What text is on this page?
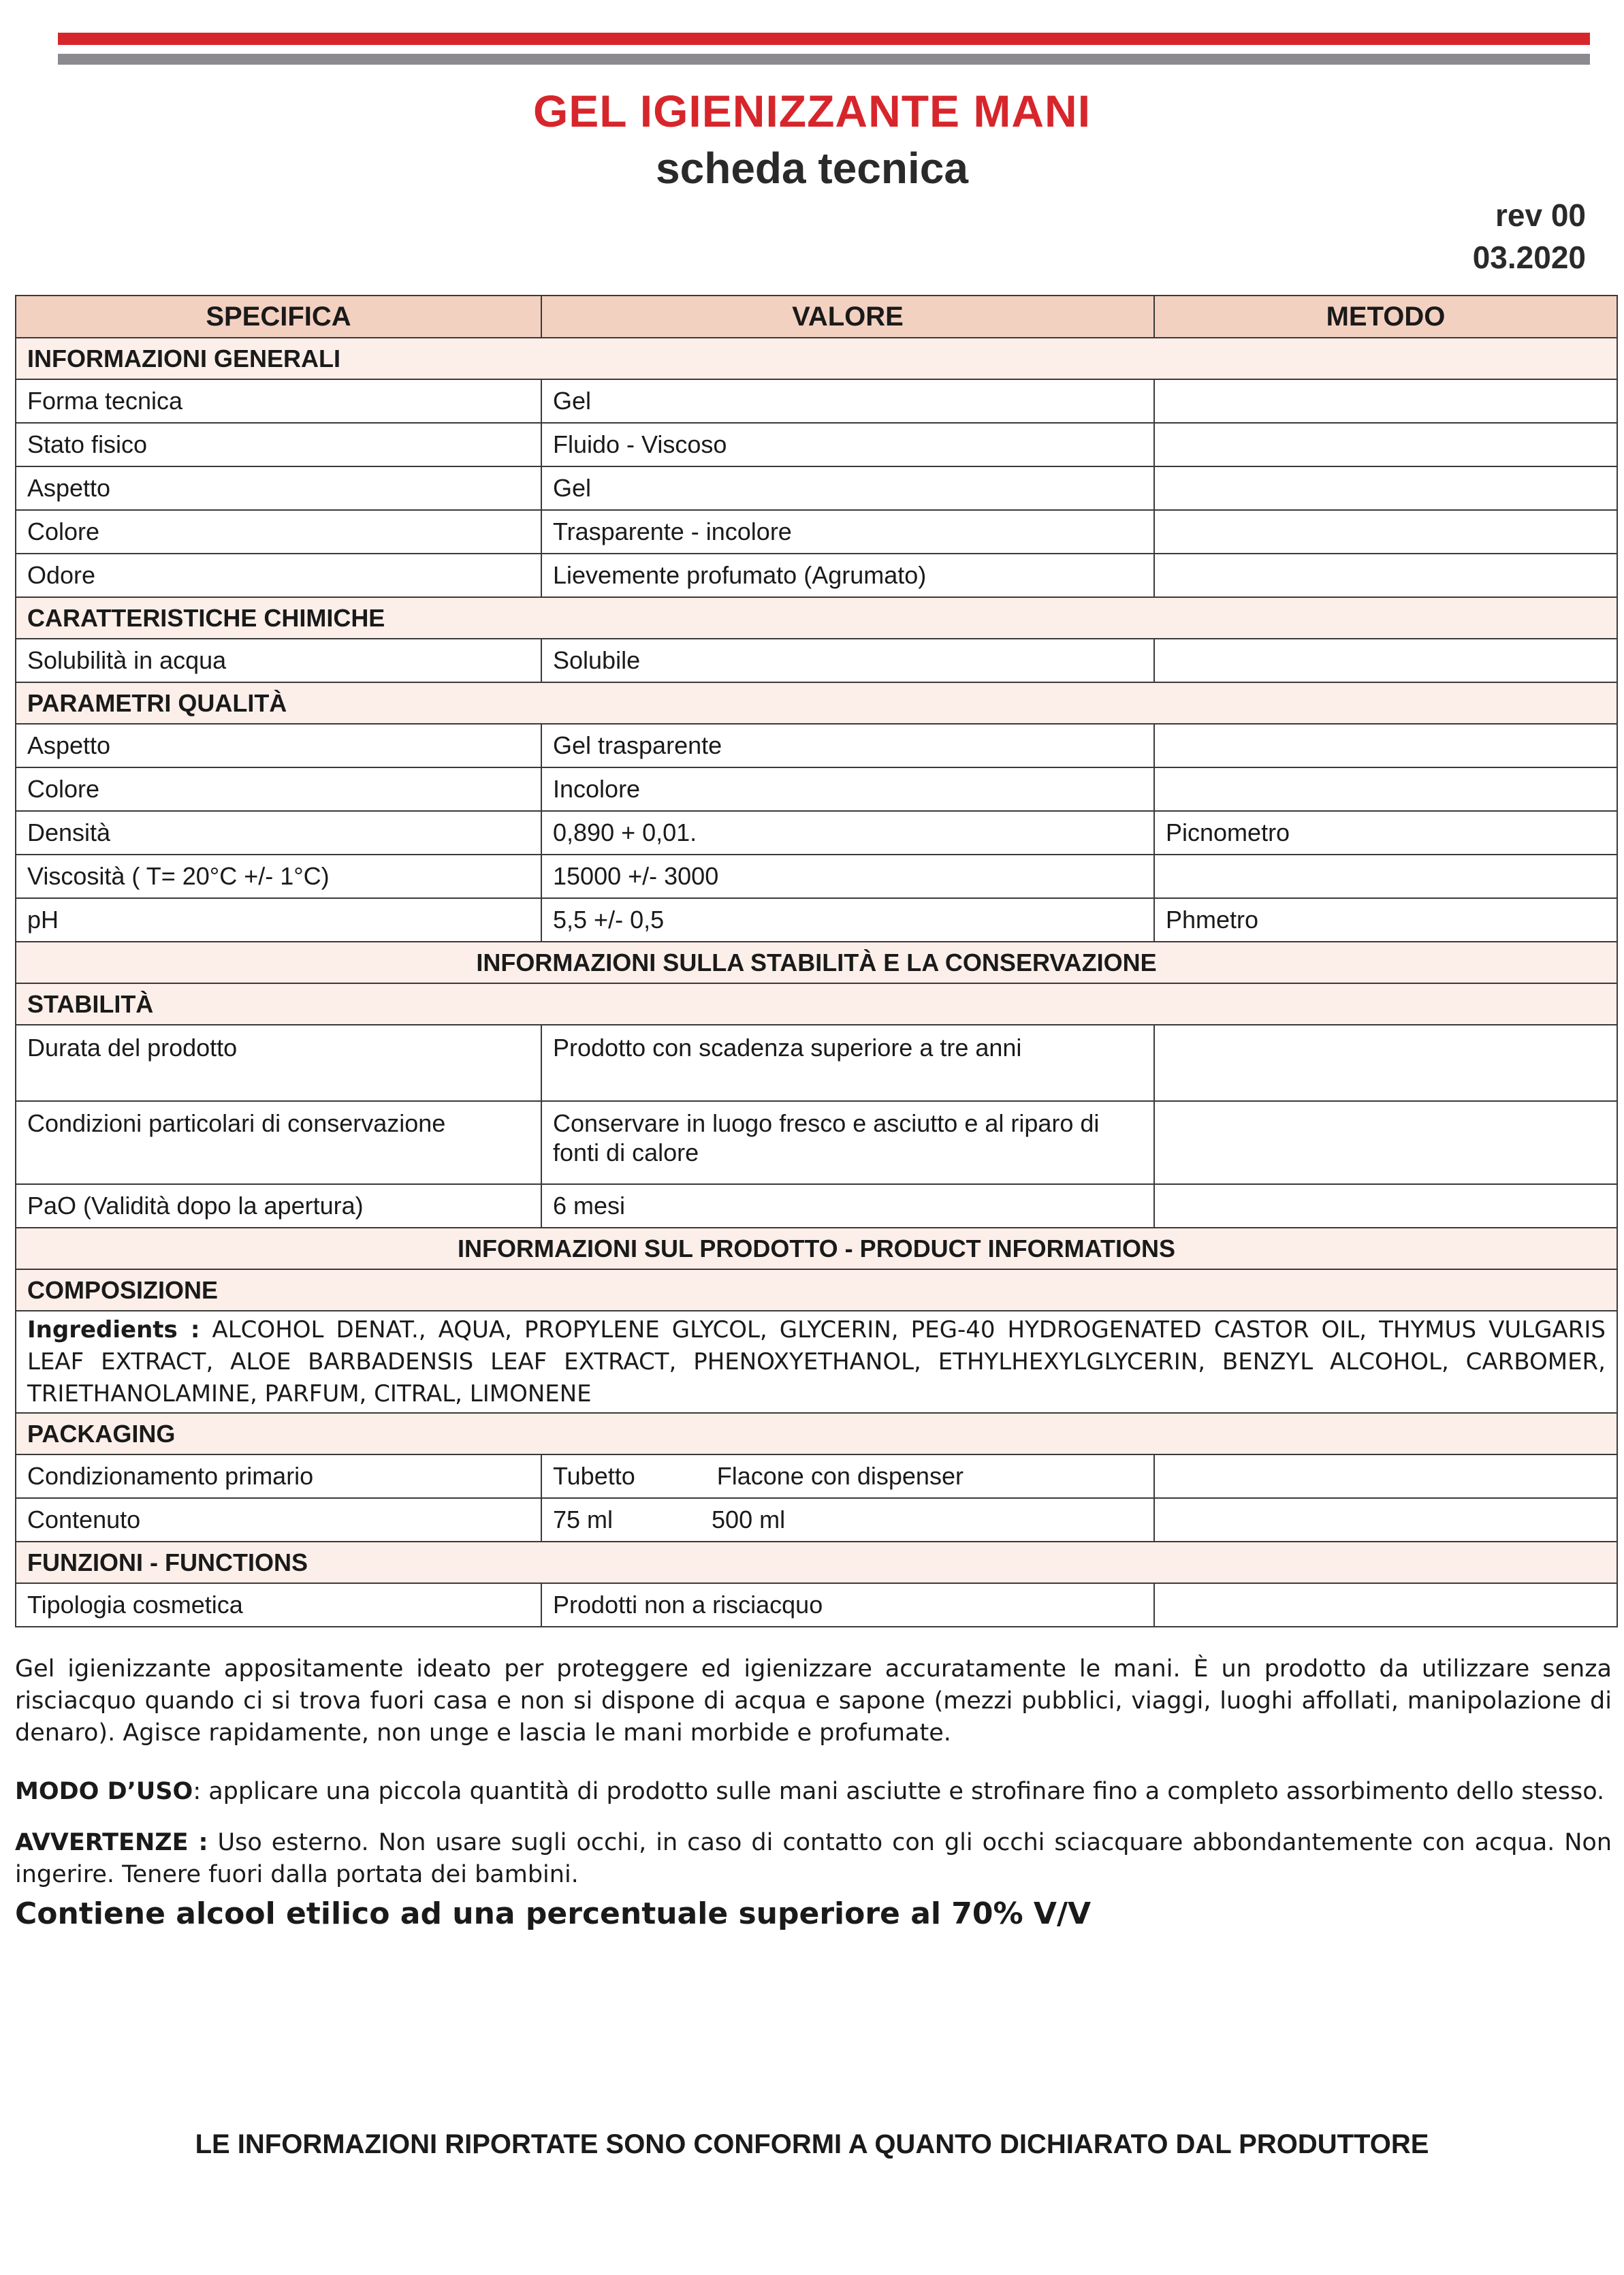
GEL IGIENIZZANTE MANI
scheda tecnica
rev 00
03.2020
SPECIFICA	VALORE	METODO
INFORMAZIONI GENERALI		
Forma tecnica	Gel	
Stato fisico	Fluido - Viscoso	
Aspetto	Gel	
Colore	Trasparente - incolore	
Odore	Lievemente profumato (Agrumato)	
CARATTERISTICHE CHIMICHE		
Solubilità in acqua	Solubile	
PARAMETRI QUALITÀ		
Aspetto	Gel trasparente	
Colore	Incolore	
Densità	0,890 + 0,01.	Picnometro
Viscosità ( T= 20°C +/- 1°C)	15000 +/- 3000	
pH	5,5 +/- 0,5	Phmetro
INFORMAZIONI SULLA STABILITÀ E LA CONSERVAZIONE		
STABILITÀ		
Durata del prodotto	Prodotto con scadenza superiore a tre anni	
Condizioni particolari di conservazione	Conservare in luogo fresco e asciutto e al riparo di fonti di calore	
PaO (Validità dopo la apertura)	6 mesi	
INFORMAZIONI SUL PRODOTTO - PRODUCT INFORMATIONS		
COMPOSIZIONE		
Ingredients : ALCOHOL DENAT., AQUA, PROPYLENE GLYCOL, GLYCERIN, PEG-40 HYDROGENATED CASTOR OIL, THYMUS VULGARIS LEAF EXTRACT, ALOE BARBADENSIS LEAF EXTRACT, PHENOXYETHANOL, ETHYLHEXYLGLYCERIN, BENZYL ALCOHOL, CARBOMER, TRIETHANOLAMINE, PARFUM, CITRAL, LIMONENE		
PACKAGING		
Condizionamento primario	Tubetto Flacone con dispenser	
Contenuto	75 ml 500 ml	
FUNZIONI - FUNCTIONS		
Tipologia cosmetica	Prodotti non a risciacquo	
Gel igienizzante appositamente ideato per proteggere ed igienizzare accuratamente le mani. È un prodotto da utilizzare senza risciacquo quando ci si trova fuori casa e non si dispone di acqua e sapone (mezzi pubblici, viaggi, luoghi affollati, manipolazione di denaro). Agisce rapidamente, non unge e lascia le mani morbide e profumate.
MODO D’USO: applicare una piccola quantità di prodotto sulle mani asciutte e strofinare fino a completo assorbimento dello stesso.
AVVERTENZE : Uso esterno. Non usare sugli occhi, in caso di contatto con gli occhi sciacquare abbondantemente con acqua. Non ingerire. Tenere fuori dalla portata dei bambini.
Contiene alcool etilico ad una percentuale superiore al 70% V/V
LE INFORMAZIONI RIPORTATE SONO CONFORMI A QUANTO DICHIARATO DAL PRODUTTORE
